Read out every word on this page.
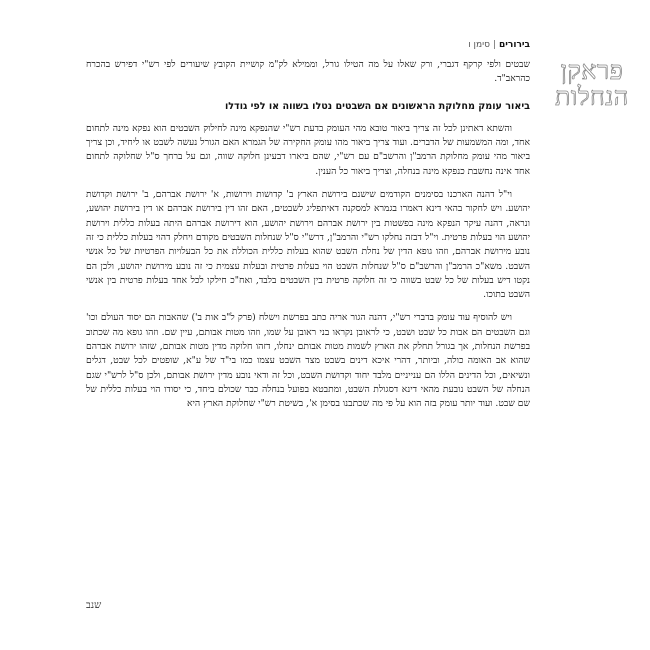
בירורים|סימן ו
פראקן
הנחלות

שבטים ולפי קרקף דגברי, ורק שאלו על מה הטילו גורל, וממילא לק"מ קושיית הקובץ שיעורים לפי רש"י דפירש בהכרח כהראב"ד.

ביאור עומק מחלוקת הראשונים אם השבטים נטלו בשווה או לפי גודלו

והשתא דאתינן לכל זה צריך ביאור טובא מהי העומק בדעת רש"י שהנפקא מינה לחילוק השבטים הוא נפקא מינה לתחום אחד, ומה המשמעות של הדברים. ועוד צריך ביאור מהו עומק החקירה של הגמרא האם הגורל נעשה לשבט או ליחיד, וכן צריך ביאור מהי עומק מחלוקת הרמב"ן והרשב"ם עם רש"י, שהם ביארו דבעינן חלוקה שווה, וגם על ברחך ס"ל שחלוקה לתחום אחד אינה נחשבת כנפקא מינה בנחלה, וצריך ביאור כל הענין.

וי"ל דהנה הארכנו בסימנים הקודמים שישנם בירושת הארץ ב' קדושות וירושות, א' ירושת אברהם, ב' ירושת וקדושת יהושע. ויש לחקור בהאי דינא דאמרו בגמרא למסקנה דאיתפליג לשבטים, האם זהו דין בירושת אברהם או דין בירושת יהושע, ונראה, דהנה עיקר הנפקא מינה בפשטות בין ירושת אברהם וירושת יהושע, הוא דירושת אברהם היתה בעלות כללית וירושת יהושע הוי בעלות פרטית. וי"ל דבזה נחלקו רש"י והרמב"ן, דרש"י ס"ל שנחלות השבטים מקודם ויחלק דהוי בעלות כללית כי זה נובע מירושת אברהם, וזהו גופא הדין של נחלת השבט שהוא בעלות כללית הכוללת את כל הבעלויות הפרטיות של כל אנשי השבט. משא"כ הרמב"ן והרשב"ם ס"ל שנחלות השבט הוי בעלות פרטית ובעלות עצמית כי זה נובע מירושת יהושע, ולכן הם נקטו דיש בעלות של כל שבט בשווה כי זה חלוקה פרטית בין השבטים בלבד, ואח"כ חילקו לכל אחד בעלות פרטית בין אנשי השבט בתוכו.

ויש להוסיף עוד עומק בדברי רש"י, דהנה הגור אריה כתב בפרשת וישלח (פרק ל"ב אות ב') שהאבות הם יסוד העולם וכו' וגם השבטים הם אבות כל שבט ושבט, כי לראובן נקראו בני ראובן על שמו, וזהו מטות אבותם, עיין שם. וזהו גופא מה שכתוב בפרשת הנחלות, אך בגורל תחלק את הארץ לשמות מטות אבותם ינחלו, דזהו חלוקה מדין מטות אבותם, שזהו ירושת אברהם שהוא אב האומה כולה, וביותר, דהרי איכא דינים בשבט מצד השבט עצמו כמו בי"ד של ע"א, שופטים לכל שבט, דגלים ונשיאים, וכל הדינים הללו הם ענייניים מלבד יחוד וקדושת השבט, וכל זה ודאי נובע מדין ירושת אבותם, ולכן ס"ל לרש"י שגם הנחלה של השבט נובעת מהאי דינא דסגולת השבט, ומתבטא בפועל בנחלה כבר שכולם ביחד, כי יסודו הוי בעלות כללית של שם שבט. ועוד יותר עומק בזה הוא על פי מה שכתבנו בסימן א', בשיטת רש"י שחלוקת הארץ היא

שנב
